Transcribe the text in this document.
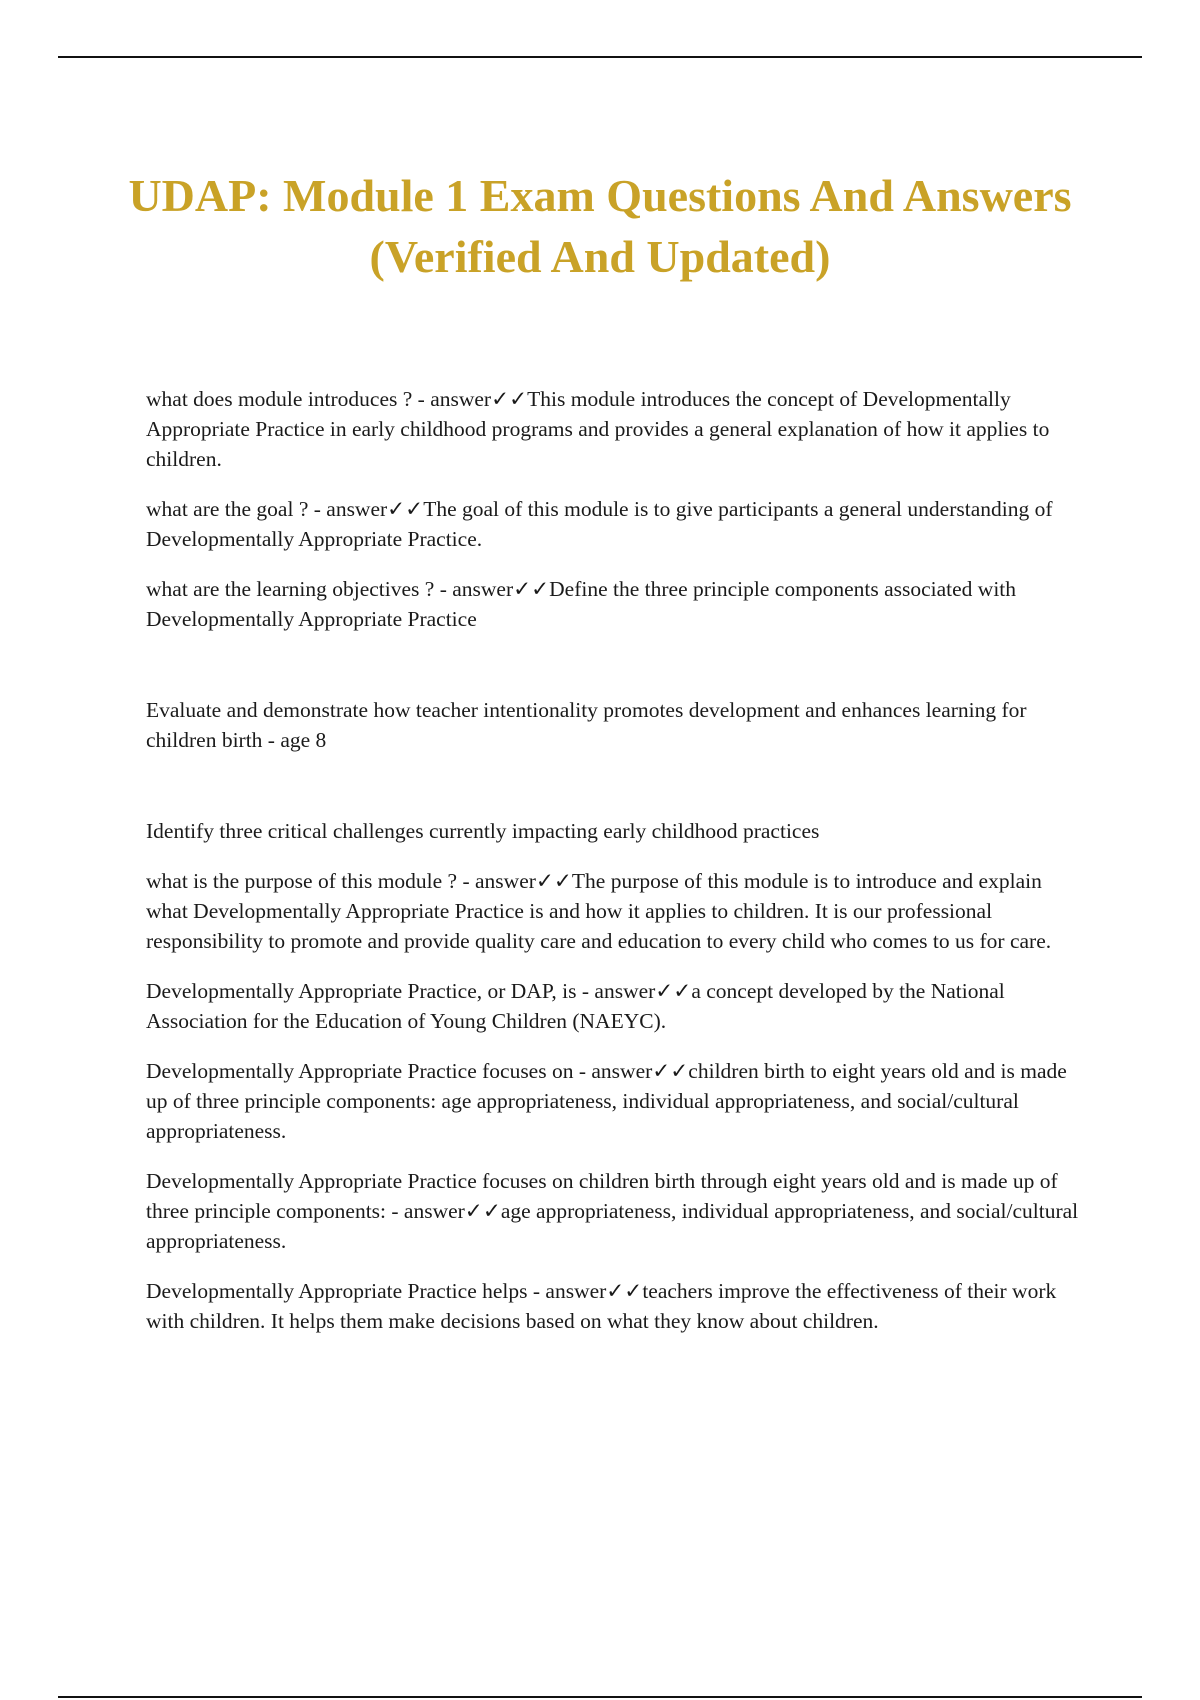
UDAP: Module 1 Exam Questions And Answers (Verified And Updated)

what does module introduces ? - answer✓✓This module introduces the concept of Developmentally Appropriate Practice in early childhood programs and provides a general explanation of how it applies to children.

what are the goal ? - answer✓✓The goal of this module is to give participants a general understanding of Developmentally Appropriate Practice.

what are the learning objectives ? - answer✓✓Define the three principle components associated with Developmentally Appropriate Practice

Evaluate and demonstrate how teacher intentionality promotes development and enhances learning for children birth - age 8

Identify three critical challenges currently impacting early childhood practices

what is the purpose of this module ? - answer✓✓The purpose of this module is to introduce and explain what Developmentally Appropriate Practice is and how it applies to children. It is our professional responsibility to promote and provide quality care and education to every child who comes to us for care.

Developmentally Appropriate Practice, or DAP, is - answer✓✓a concept developed by the National Association for the Education of Young Children (NAEYC).

Developmentally Appropriate Practice focuses on - answer✓✓children birth to eight years old and is made up of three principle components: age appropriateness, individual appropriateness, and social/cultural appropriateness.

Developmentally Appropriate Practice focuses on children birth through eight years old and is made up of three principle components: - answer✓✓age appropriateness, individual appropriateness, and social/cultural appropriateness.

Developmentally Appropriate Practice helps - answer✓✓teachers improve the effectiveness of their work with children. It helps them make decisions based on what they know about children.
